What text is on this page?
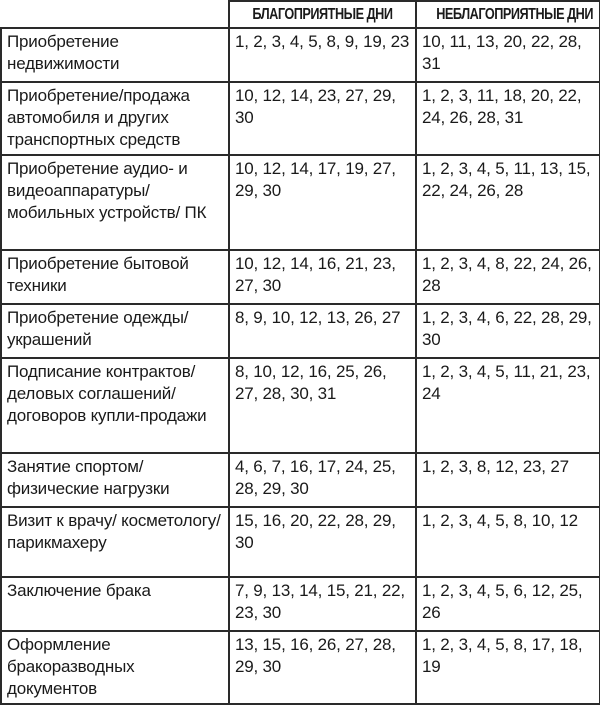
	БЛАГОПРИЯТНЫЕ ДНИ	НЕБЛАГОПРИЯТНЫЕ ДНИ
Приобретение недвижимости	1, 2, 3, 4, 5, 8, 9, 19, 23	10, 11, 13, 20, 22, 28, 31
Приобретение/продажа автомобиля и других транспортных средств	10, 12, 14, 23, 27, 29, 30	1, 2, 3, 11, 18, 20, 22, 24, 26, 28, 31
Приобретение аудио- и видеоаппаратуры/ мобильных устройств/ ПК	10, 12, 14, 17, 19, 27, 29, 30	1, 2, 3, 4, 5, 11, 13, 15, 22, 24, 26, 28
Приобретение бытовой техники	10, 12, 14, 16, 21, 23, 27, 30	1, 2, 3, 4, 8, 22, 24, 26, 28
Приобретение одежды/ украшений	8, 9, 10, 12, 13, 26, 27	1, 2, 3, 4, 6, 22, 28, 29, 30
Подписание контрактов/ деловых соглашений/ договоров купли-продажи	8, 10, 12, 16, 25, 26, 27, 28, 30, 31	1, 2, 3, 4, 5, 11, 21, 23, 24
Занятие спортом/ физические нагрузки	4, 6, 7, 16, 17, 24, 25, 28, 29, 30	1, 2, 3, 8, 12, 23, 27
Визит к врачу/ косметологу/ парикмахеру	15, 16, 20, 22, 28, 29, 30	1, 2, 3, 4, 5, 8, 10, 12
Заключение брака	7, 9, 13, 14, 15, 21, 22, 23, 30	1, 2, 3, 4, 5, 6, 12, 25, 26
Оформление бракоразводных документов	13, 15, 16, 26, 27, 28, 29, 30	1, 2, 3, 4, 5, 8, 17, 18, 19
